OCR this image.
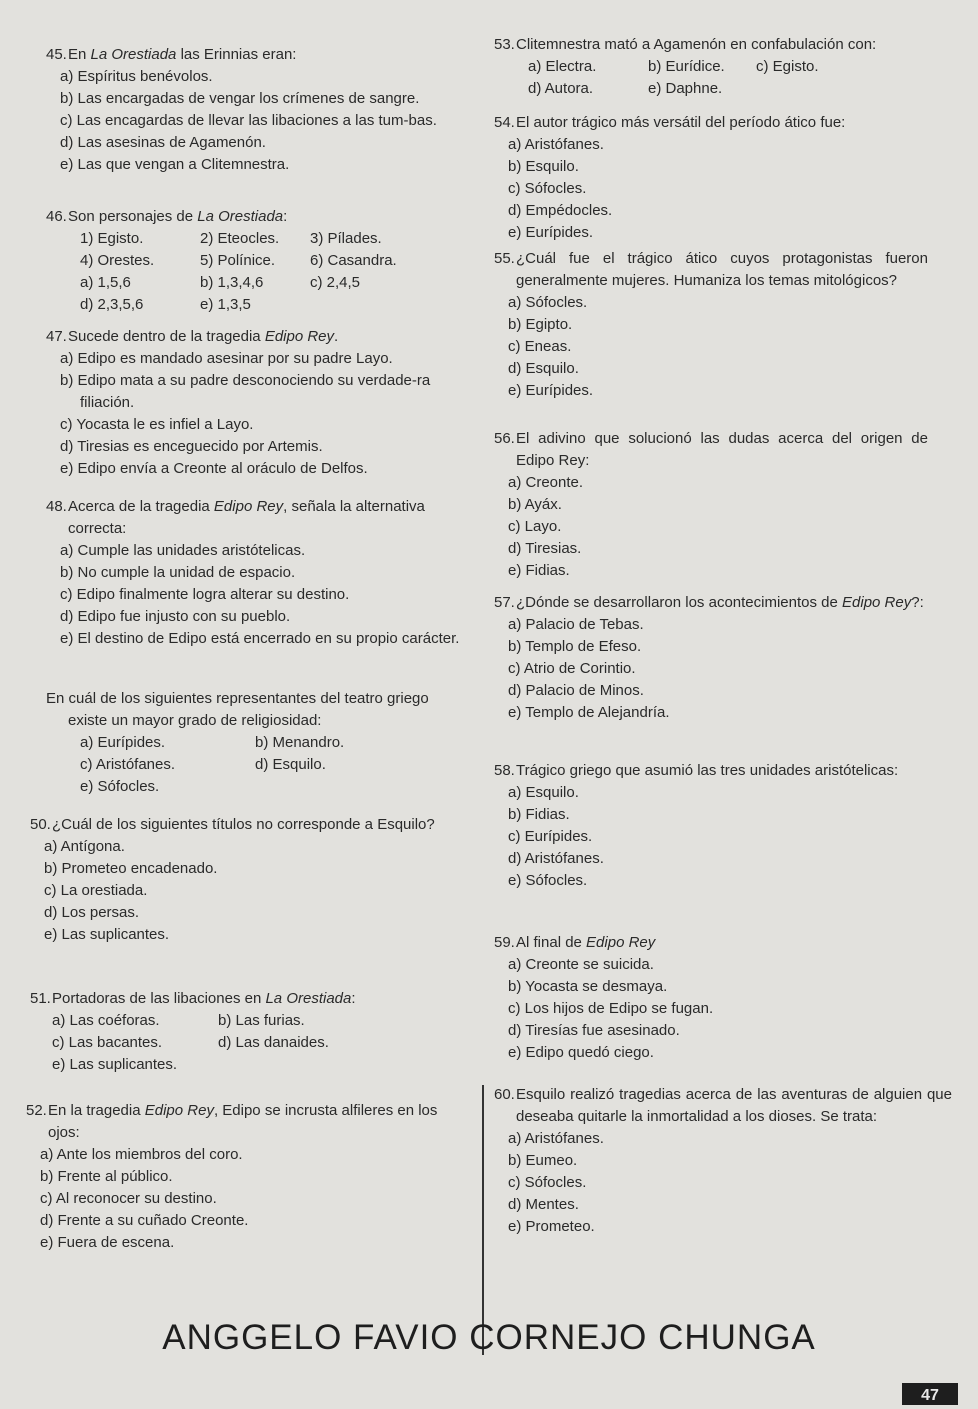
45.En La Orestiada las Erinnias eran:

a) Espíritus benévolos.

b) Las encargadas de vengar los crímenes de sangre.

c) Las encagardas de llevar las libaciones a las tum-bas.

d) Las asesinas de Agamenón.

e) Las que vengan a Clitemnestra.

46.Son personajes de La Orestiada:

1) Egisto.	2) Eteocles.	3) Pílades.
4) Orestes.	5) Polínice.	6) Casandra.
a) 1,5,6	b) 1,3,4,6	c) 2,4,5
d) 2,3,5,6	e) 1,3,5

47.Sucede dentro de la tragedia Edipo Rey.

a) Edipo es mandado asesinar por su padre Layo.

b) Edipo mata a su padre desconociendo su verdade-ra filiación.

c) Yocasta le es infiel a Layo.

d) Tiresias es enceguecido por Artemis.

e) Edipo envía a Creonte al oráculo de Delfos.

48.Acerca de la tragedia Edipo Rey, señala la alternativa correcta:

a) Cumple las unidades aristótelicas.

b) No cumple la unidad de espacio.

c) Edipo finalmente logra alterar su destino.

d) Edipo fue injusto con su pueblo.

e) El destino de Edipo está encerrado en su propio carácter.

En cuál de los siguientes representantes del teatro griego existe un mayor grado de religiosidad:

a) Eurípides.	b) Menandro.
c) Aristófanes.	d) Esquilo.
e) Sófocles.

50.¿Cuál de los siguientes títulos no corresponde a Esquilo?

a) Antígona.

b) Prometeo encadenado.

c) La orestiada.

d) Los persas.

e) Las suplicantes.

51.Portadoras de las libaciones en La Orestiada:

a) Las coéforas.	b) Las furias.
c) Las bacantes.	d) Las danaides.
e) Las suplicantes.

52.En la tragedia Edipo Rey, Edipo se incrusta alfileres en los ojos:

a) Ante los miembros del coro.

b) Frente al público.

c) Al reconocer su destino.

d) Frente a su cuñado Creonte.

e) Fuera de escena.

53.Clitemnestra mató a Agamenón en confabulación con:

a) Electra.	b) Eurídice.	c) Egisto.
d) Autora.	e) Daphne.

54.El autor trágico más versátil del período ático fue:

a) Aristófanes.

b) Esquilo.

c) Sófocles.

d) Empédocles.

e) Eurípides.

55.¿Cuál fue el trágico ático cuyos protagonistas fueron generalmente mujeres. Humaniza los temas mitológicos?

a) Sófocles.

b) Egipto.

c) Eneas.

d) Esquilo.

e) Eurípides.

56.El adivino que solucionó las dudas acerca del origen de Edipo Rey:

a) Creonte.

b) Ayáx.

c) Layo.

d) Tiresias.

e) Fidias.

57.¿Dónde se desarrollaron los acontecimientos de Edipo Rey?:

a) Palacio de Tebas.

b) Templo de Efeso.

c) Atrio de Corintio.

d) Palacio de Minos.

e) Templo de Alejandría.

58.Trágico griego que asumió las tres unidades aristótelicas:

a) Esquilo.

b) Fidias.

c) Eurípides.

d) Aristófanes.

e) Sófocles.

59.Al final de Edipo Rey

a) Creonte se suicida.

b) Yocasta se desmaya.

c) Los hijos de Edipo se fugan.

d) Tiresías fue asesinado.

e) Edipo quedó ciego.

60.Esquilo realizó tragedias acerca de las aventuras de alguien que deseaba quitarle la inmortalidad a los dioses. Se trata:

a) Aristófanes.

b) Eumeo.

c) Sófocles.

d) Mentes.

e) Prometeo.

ANGGELO FAVIO CORNEJO CHUNGA
47
